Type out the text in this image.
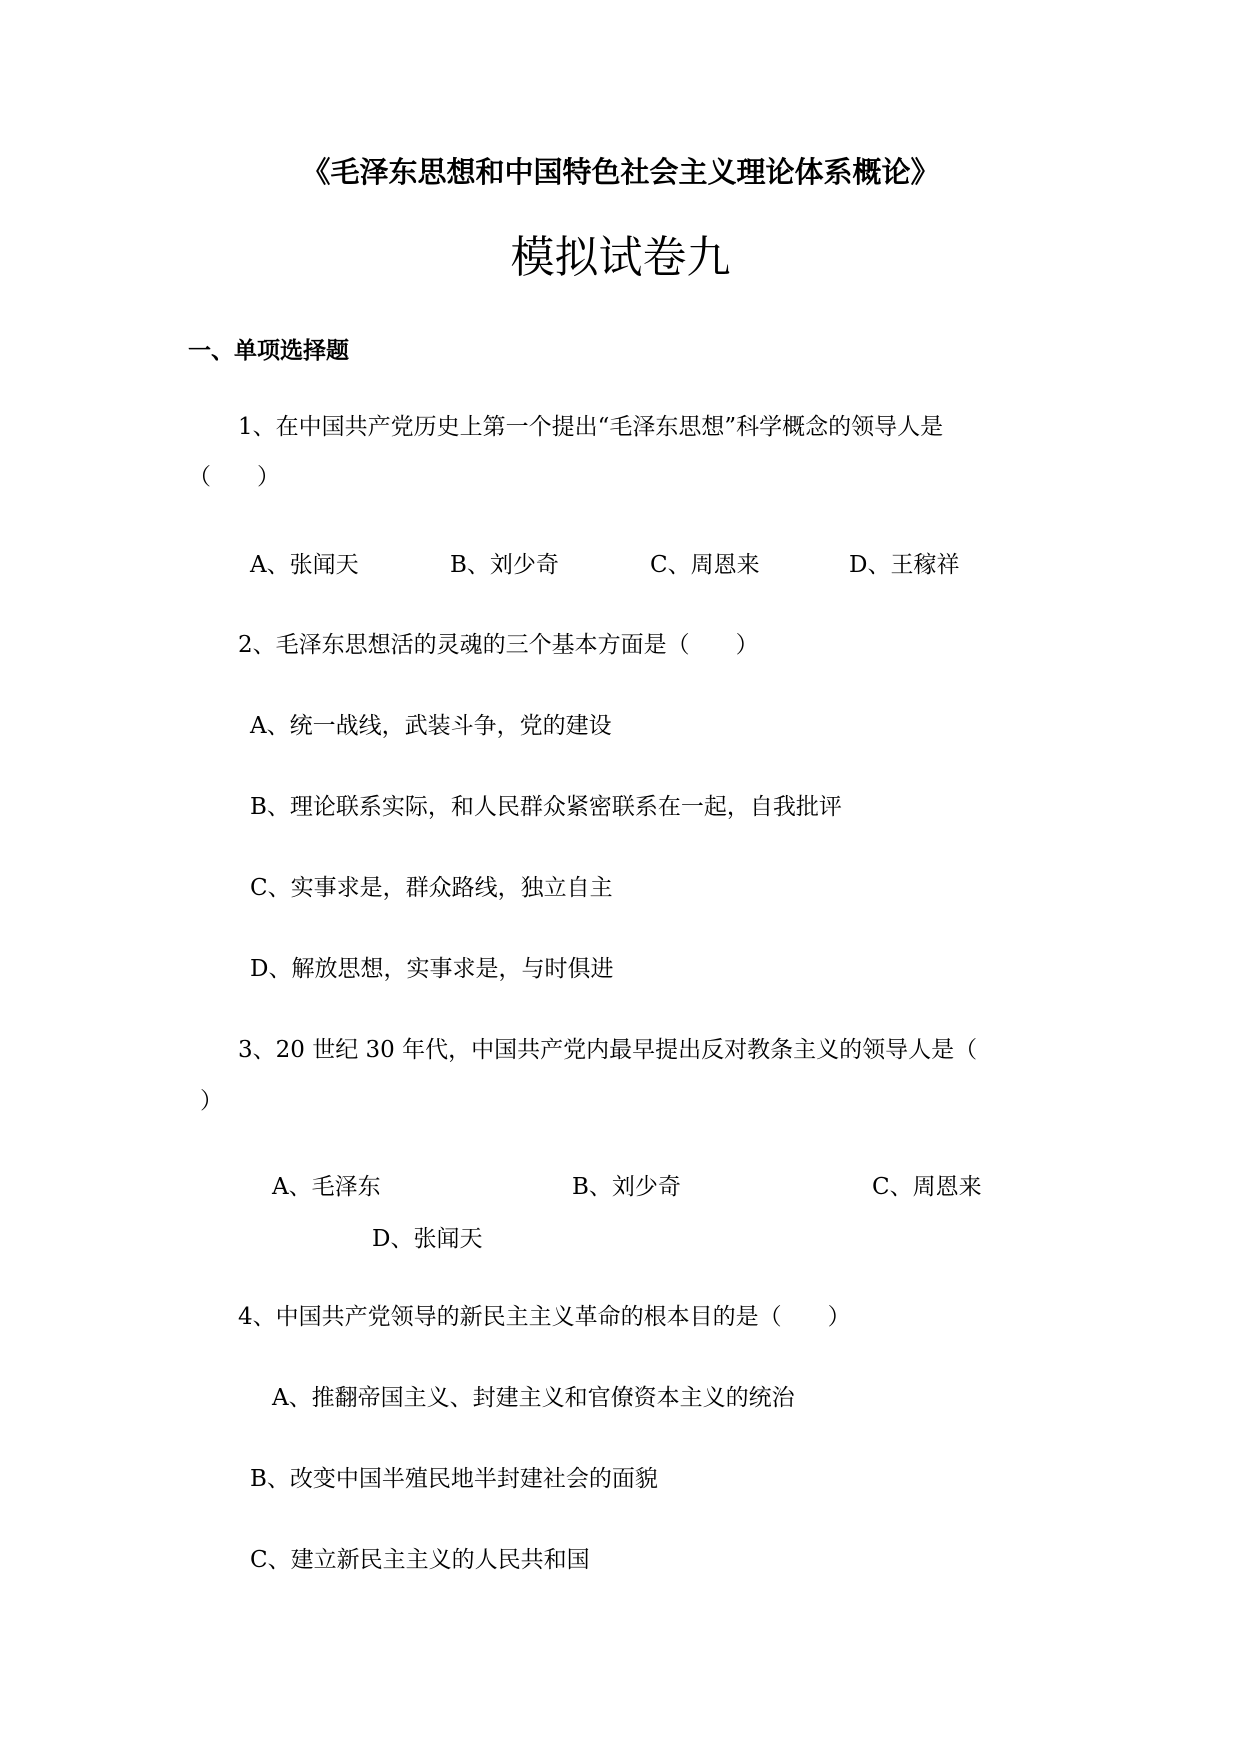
《毛泽东思想和中国特色社会主义理论体系概论》
模拟试卷九
一、单项选择题
1、在中国共产党历史上第一个提出“毛泽东思想”科学概念的领导人是
（　　）
A、张闻天	B、刘少奇	C、周恩来	D、王稼祥
2、毛泽东思想活的灵魂的三个基本方面是（　　）
A、统一战线，武装斗争，党的建设
B、理论联系实际，和人民群众紧密联系在一起，自我批评
C、实事求是，群众路线，独立自主
D、解放思想，实事求是，与时俱进
3、20 世纪 30 年代，中国共产党内最早提出反对教条主义的领导人是（
）
A、毛泽东	B、刘少奇	C、周恩来
D、张闻天
4、中国共产党领导的新民主主义革命的根本目的是（　　）
A、推翻帝国主义、封建主义和官僚资本主义的统治
B、改变中国半殖民地半封建社会的面貌
C、建立新民主主义的人民共和国
